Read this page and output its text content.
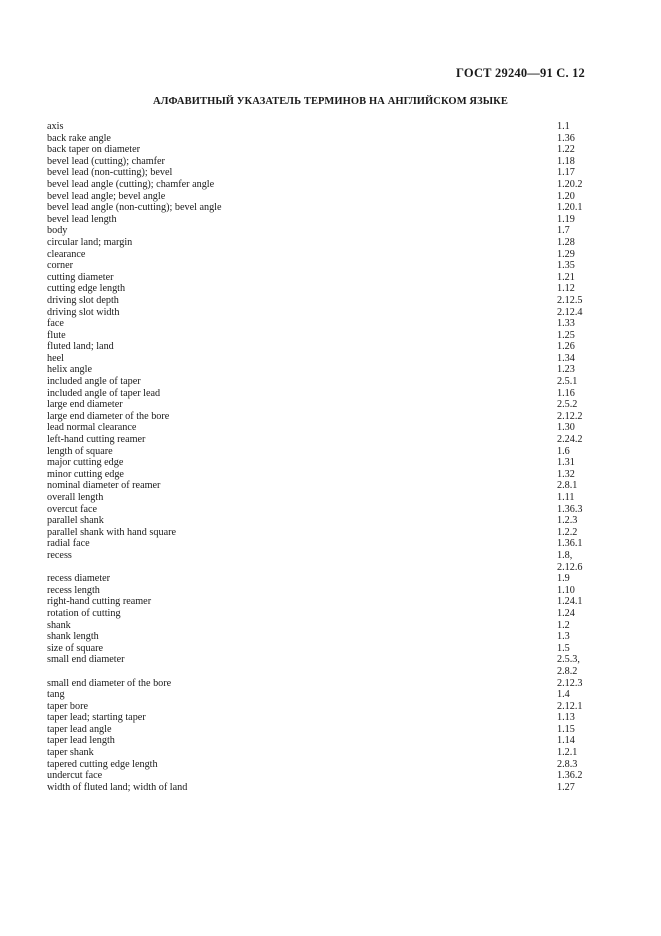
ГОСТ 29240—91 С. 12
АЛФАВИТНЫЙ УКАЗАТЕЛЬ ТЕРМИНОВ НА АНГЛИЙСКОМ ЯЗЫКЕ
axis	1.1
back rake angle	1.36
back taper on diameter	1.22
bevel lead (cutting); chamfer	1.18
bevel lead (non-cutting); bevel	1.17
bevel lead angle (cutting); chamfer angle	1.20.2
bevel lead angle; bevel angle	1.20
bevel lead angle (non-cutting); bevel angle	1.20.1
bevel lead length	1.19
body	1.7
circular land; margin	1.28
clearance	1.29
corner	1.35
cutting diameter	1.21
cutting edge length	1.12
driving slot depth	2.12.5
driving slot width	2.12.4
face	1.33
flute	1.25
fluted land; land	1.26
heel	1.34
helix angle	1.23
included angle of taper	2.5.1
included angle of taper lead	1.16
large end diameter	2.5.2
large end diameter of the bore	2.12.2
lead normal clearance	1.30
left-hand cutting reamer	2.24.2
length of square	1.6
major cutting edge	1.31
minor cutting edge	1.32
nominal diameter of reamer	2.8.1
overall length	1.11
overcut face	1.36.3
parallel shank	1.2.3
parallel shank with hand square	1.2.2
radial face	1.36.1
recess	1.8,
2.12.6
recess diameter	1.9
recess length	1.10
right-hand cutting reamer	1.24.1
rotation of cutting	1.24
shank	1.2
shank length	1.3
size of square	1.5
small end diameter	2.5.3,
2.8.2
small end diameter of the bore	2.12.3
tang	1.4
taper bore	2.12.1
taper lead; starting taper	1.13
taper lead angle	1.15
taper lead length	1.14
taper shank	1.2.1
tapered cutting edge length	2.8.3
undercut face	1.36.2
width of fluted land; width of land	1.27
